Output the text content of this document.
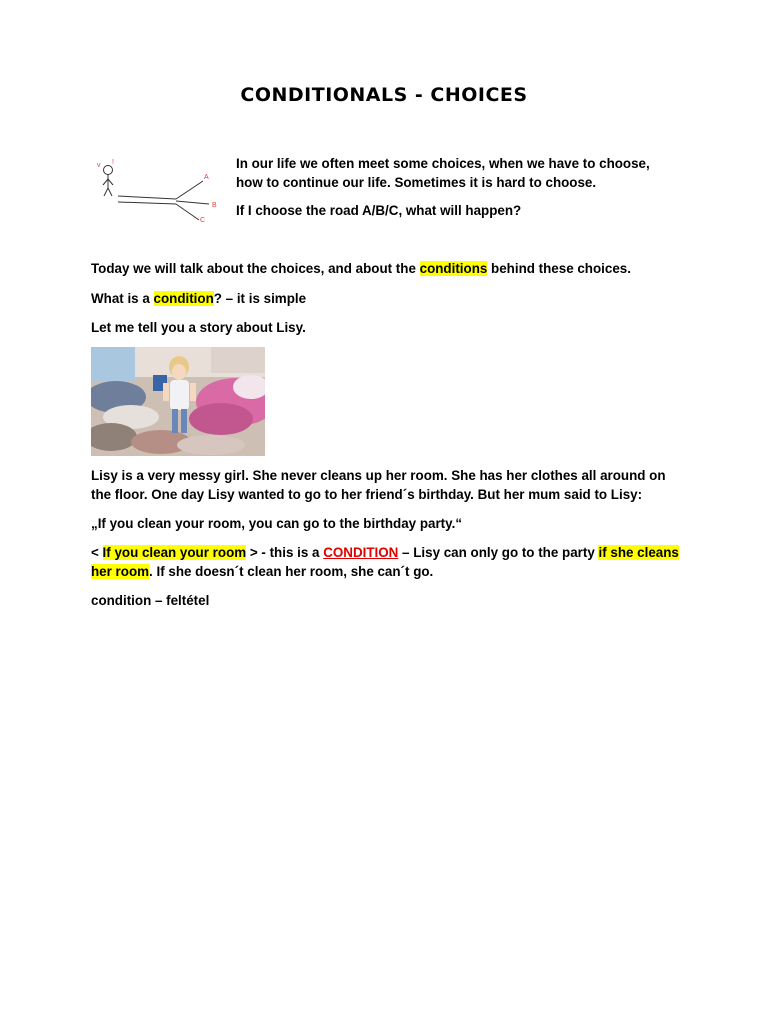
CONDITIONALS - CHOICES
v !
A
B
C
In our life we often meet some choices, when we have to choose,
how to continue our life. Sometimes it is hard to choose.
If I choose the road A/B/C, what will happen?
Today we will talk about the choices, and about the conditions behind these choices.
What is a condition? – it is simple
Let me tell you a story about Lisy.
Lisy is a very messy girl. She never cleans up her room. She has her clothes all around on
the floor. One day Lisy wanted to go to her friend´s birthday. But her mum said to Lisy:
„If you clean your room, you can go to the birthday party.“
< If you clean your room > - this is a CONDITION – Lisy can only go to the party if she cleans
her room. If she doesn´t clean her room, she can´t go.
condition – feltétel
